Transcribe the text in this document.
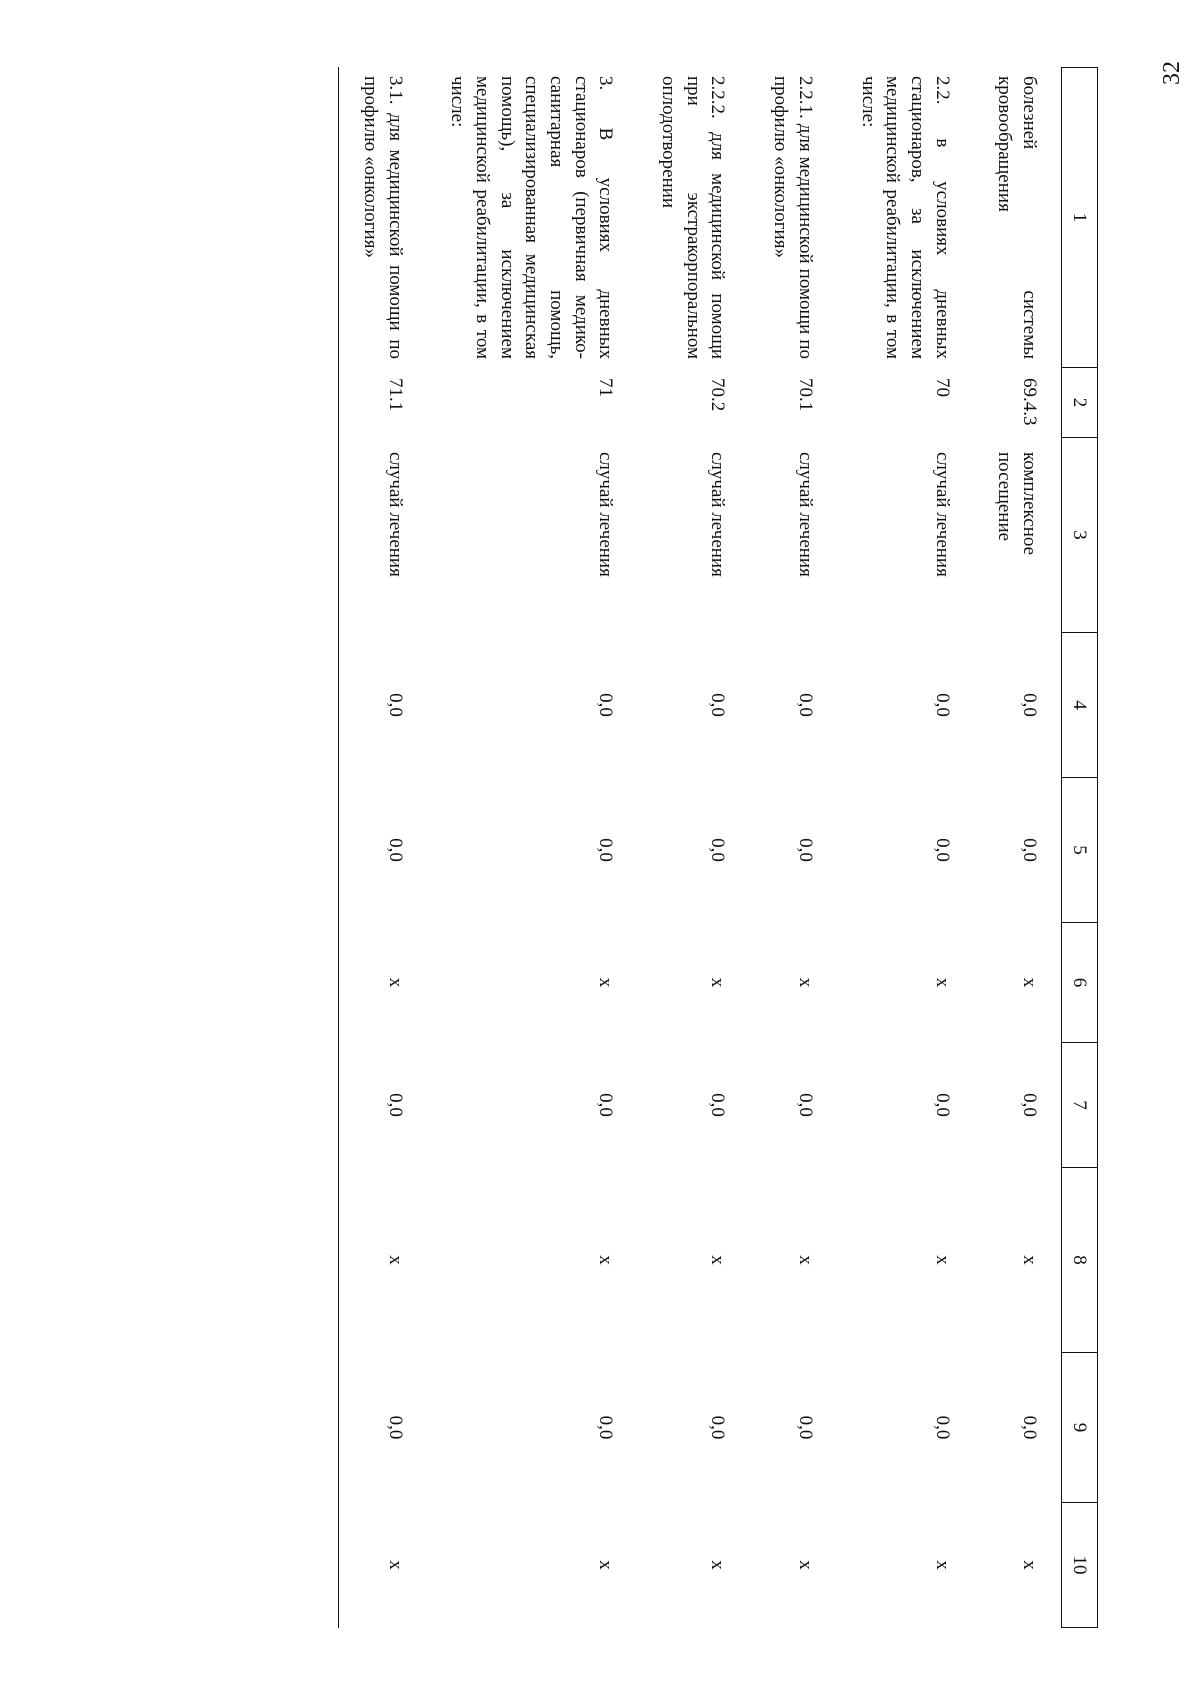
32
1	2	3	4	5	6	7	8	9	10
болезней системы кровообращения	69.4.3	комплексное посещение	0,0	0,0	x	0,0	x	0,0	x
2.2. в условиях дневных стационаров, за исключением медицинской реабилитации, в том числе:	70	случай лечения	0,0	0,0	x	0,0	x	0,0	x
2.2.1. для медицинской помощи по профилю «онкология»	70.1	случай лечения	0,0	0,0	x	0,0	x	0,0	x
2.2.2. для медицинской помощи при экстракорпоральном оплодотворении	70.2	случай лечения	0,0	0,0	x	0,0	x	0,0	x
3. В условиях дневных стационаров (первичная медико-санитарная помощь, специализированная медицинская помощь), за исключением медицинской реабилитации, в том числе:	71	случай лечения	0,0	0,0	x	0,0	x	0,0	x
3.1. для медицинской помощи по профилю «онкология»	71.1	случай лечения	0,0	0,0	x	0,0	x	0,0	x
